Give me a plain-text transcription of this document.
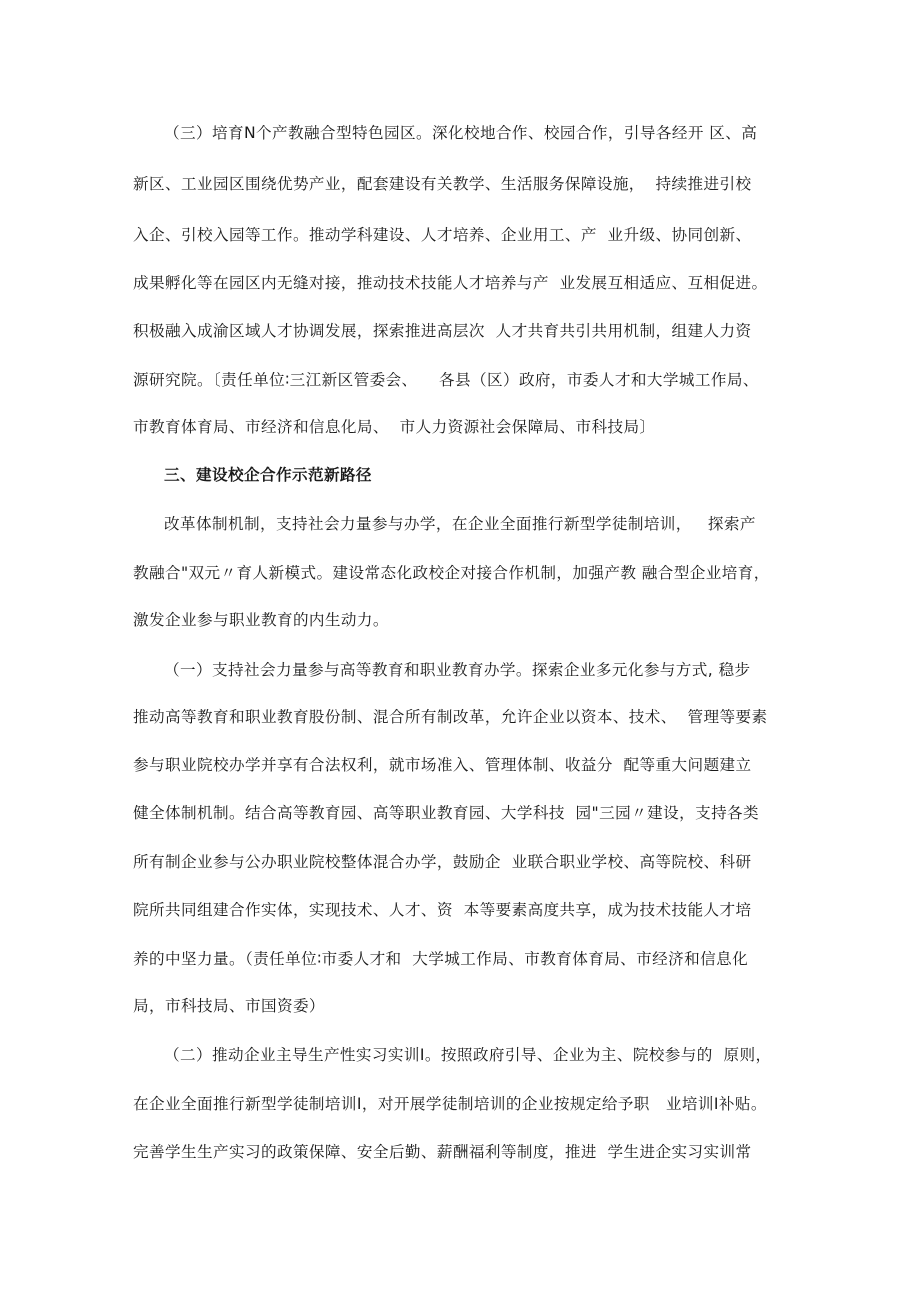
（三）培育N个产教融合型特色园区。深化校地合作、校园合作，引导各经开 区、高
新区、工业园区围绕优势产业，配套建设有关教学、生活服务保障设施，  持续推进引校
入企、引校入园等工作。推动学科建设、人才培养、企业用工、产  业升级、协同创新、
成果孵化等在园区内无缝对接，推动技术技能人才培养与产  业发展互相适应、互相促进。
积极融入成渝区域人才协调发展，探索推进高层次  人才共育共引共用机制，组建人力资
源研究院。〔责任单位∶三江新区管委会、    各县（区）政府，市委人才和大学城工作局、
市教育体育局、市经济和信息化局、  市人力资源社会保障局、市科技局〕
三、建设校企合作示范新路径
改革体制机制，支持社会力量参与办学，在企业全面推行新型学徒制培训，   探索产
教融合"双元〃育人新模式。建设常态化政校企对接合作机制，加强产教 融合型企业培育，
激发企业参与职业教育的内生动力。
（一）支持社会力量参与高等教育和职业教育办学。探索企业多元化参与方式, 稳步
推动高等教育和职业教育股份制、混合所有制改革，允许企业以资本、技术、  管理等要素
参与职业院校办学并享有合法权利，就市场准入、管理体制、收益分  配等重大问题建立
健全体制机制。结合高等教育园、高等职业教育园、大学科技  园"三园〃建设，支持各类
所有制企业参与公办职业院校整体混合办学，鼓励企  业联合职业学校、高等院校、科研
院所共同组建合作实体，实现技术、人才、资  本等要素高度共享，成为技术技能人才培
养的中坚力量。（责任单位∶市委人才和  大学城工作局、市教育体育局、市经济和信息化
局，市科技局、市国资委）
（二）推动企业主导生产性实习实训Ⅰ。按照政府引导、企业为主、院校参与的  原则，
在企业全面推行新型学徒制培训Ⅰ，对开展学徒制培训的企业按规定给予职   业培训Ⅰ补贴。
完善学生生产实习的政策保障、安全后勤、薪酬福利等制度，推进  学生进企实习实训常
